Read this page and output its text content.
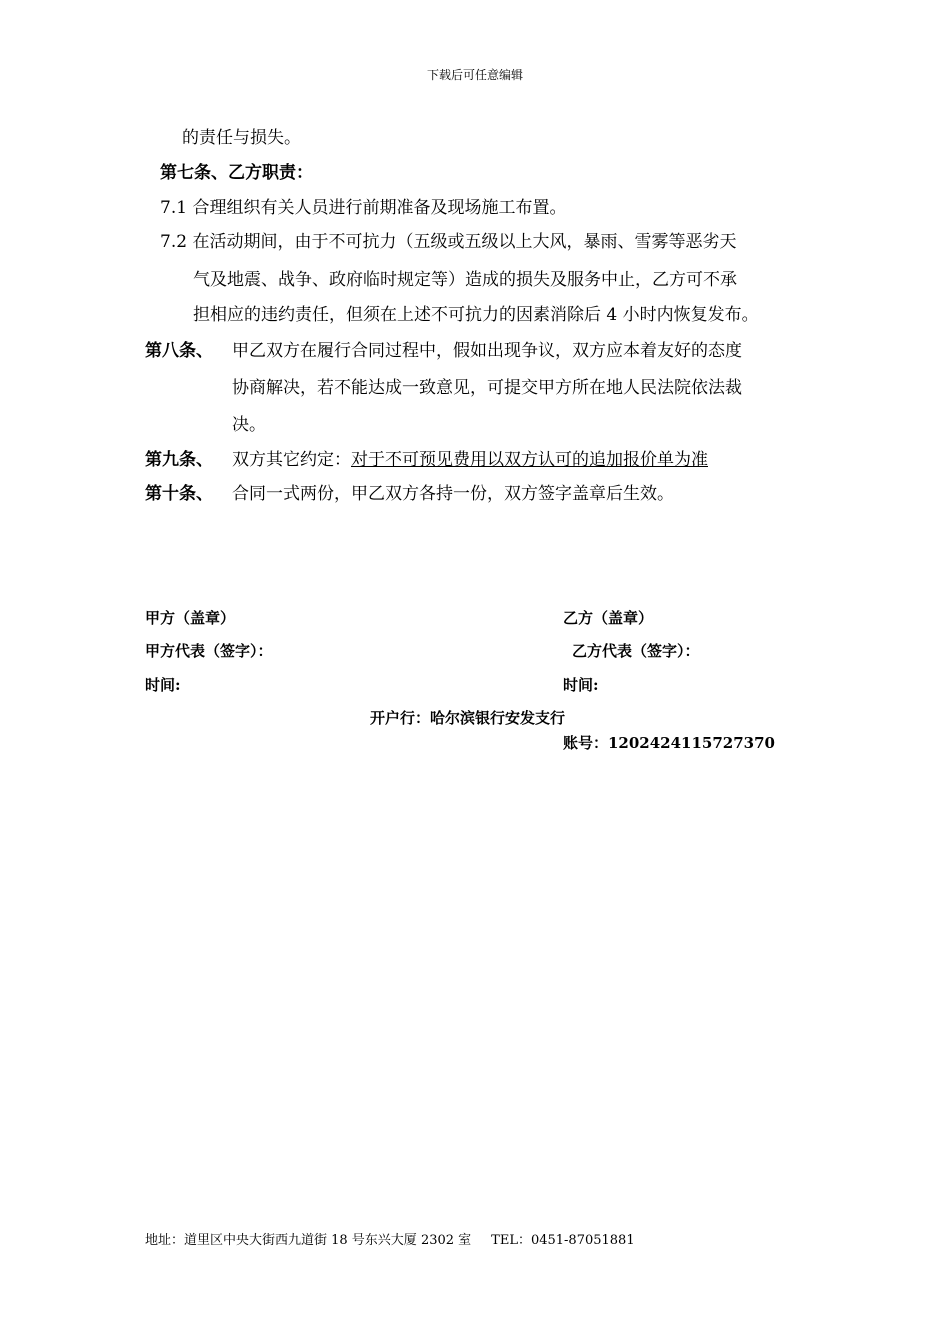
下载后可任意编辑
的责任与损失。
第七条、乙方职责：
7.1 合理组织有关人员进行前期准备及现场施工布置。
7.2 在活动期间，由于不可抗力（五级或五级以上大风，暴雨、雪雾等恶劣天
气及地震、战争、政府临时规定等）造成的损失及服务中止，乙方可不承
担相应的违约责任，但须在上述不可抗力的因素消除后 4 小时内恢复发布。
第八条、 甲乙双方在履行合同过程中，假如出现争议，双方应本着友好的态度
协商解决，若不能达成一致意见，可提交甲方所在地人民法院依法裁
决。
第九条、 双方其它约定：对于不可预见费用以双方认可的追加报价单为准
第十条、 合同一式两份，甲乙双方各持一份，双方签字盖章后生效。
甲方（盖章）	乙方（盖章）
甲方代表（签字）：	乙方代表（签字）：
时间:	时间:
开户行：哈尔滨银行安发支行
账号：1202424115727370
地址：道里区中央大街西九道街 18 号东兴大厦 2302 室 TEL：0451-87051881
